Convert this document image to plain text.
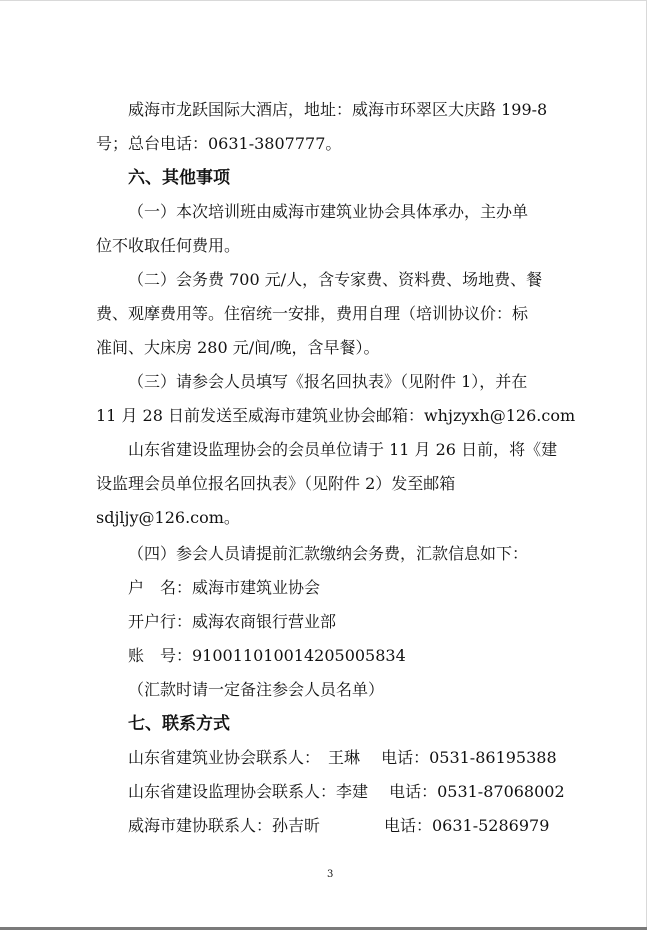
威海市龙跃国际大酒店，地址：威海市环翠区大庆路 199-8
号；总台电话：0631-3807777。
六、其他事项
（一）本次培训班由威海市建筑业协会具体承办，主办单
位不收取任何费用。
（二）会务费 700 元/人，含专家费、资料费、场地费、餐
费、观摩费用等。住宿统一安排，费用自理（培训协议价：标
准间、大床房 280 元/间/晚，含早餐）。
（三）请参会人员填写《报名回执表》（见附件 1），并在
11 月 28 日前发送至威海市建筑业协会邮箱：whjzyxh@126.com
山东省建设监理协会的会员单位请于 11 月 26 日前，将《建
设监理会员单位报名回执表》（见附件 2）发至邮箱
sdjljy@126.com。
（四）参会人员请提前汇款缴纳会务费，汇款信息如下：
户　名：威海市建筑业协会
开户行：威海农商银行营业部
账　号：910011010014205005834
（汇款时请一定备注参会人员名单）
七、联系方式
山东省建筑业协会联系人：　王琳　 电话：0531-86195388
山东省建设监理协会联系人：李建　 电话：0531-87068002
威海市建协联系人：孙吉昕　　　　电话：0631-5286979
3
